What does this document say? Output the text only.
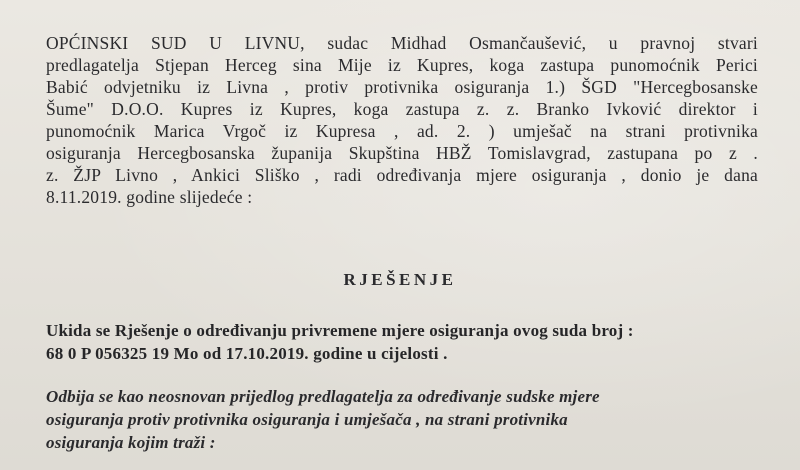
OPĆINSKI SUD U LIVNU, sudac Midhad Osmančaušević, u pravnoj stvari
predlagatelja Stjepan Herceg sina Mije iz Kupres, koga zastupa punomoćnik Perici
Babić odvjetniku iz Livna , protiv protivnika osiguranja 1.) ŠGD "Hercegbosanske
Šume" D.O.O. Kupres iz Kupres, koga zastupa z. z. Branko Ivković direktor i
punomoćnik Marica Vrgoč iz Kupresa , ad. 2. ) umješač na strani protivnika
osiguranja Hercegbosanska županija Skupština HBŽ Tomislavgrad, zastupana po z .
z. ŽJP Livno , Ankici Sliško , radi određivanja mjere osiguranja , donio je dana
8.11.2019. godine slijedeće :
RJEŠENJE
Ukida se Rješenje o određivanju privremene mjere osiguranja ovog suda broj :
68 0 P 056325 19 Mo od 17.10.2019. godine u cijelosti .
Odbija se kao neosnovan prijedlog predlagatelja za određivanje sudske mjere
osiguranja protiv protivnika osiguranja i umješača , na strani protivnika
osiguranja kojim traži :
